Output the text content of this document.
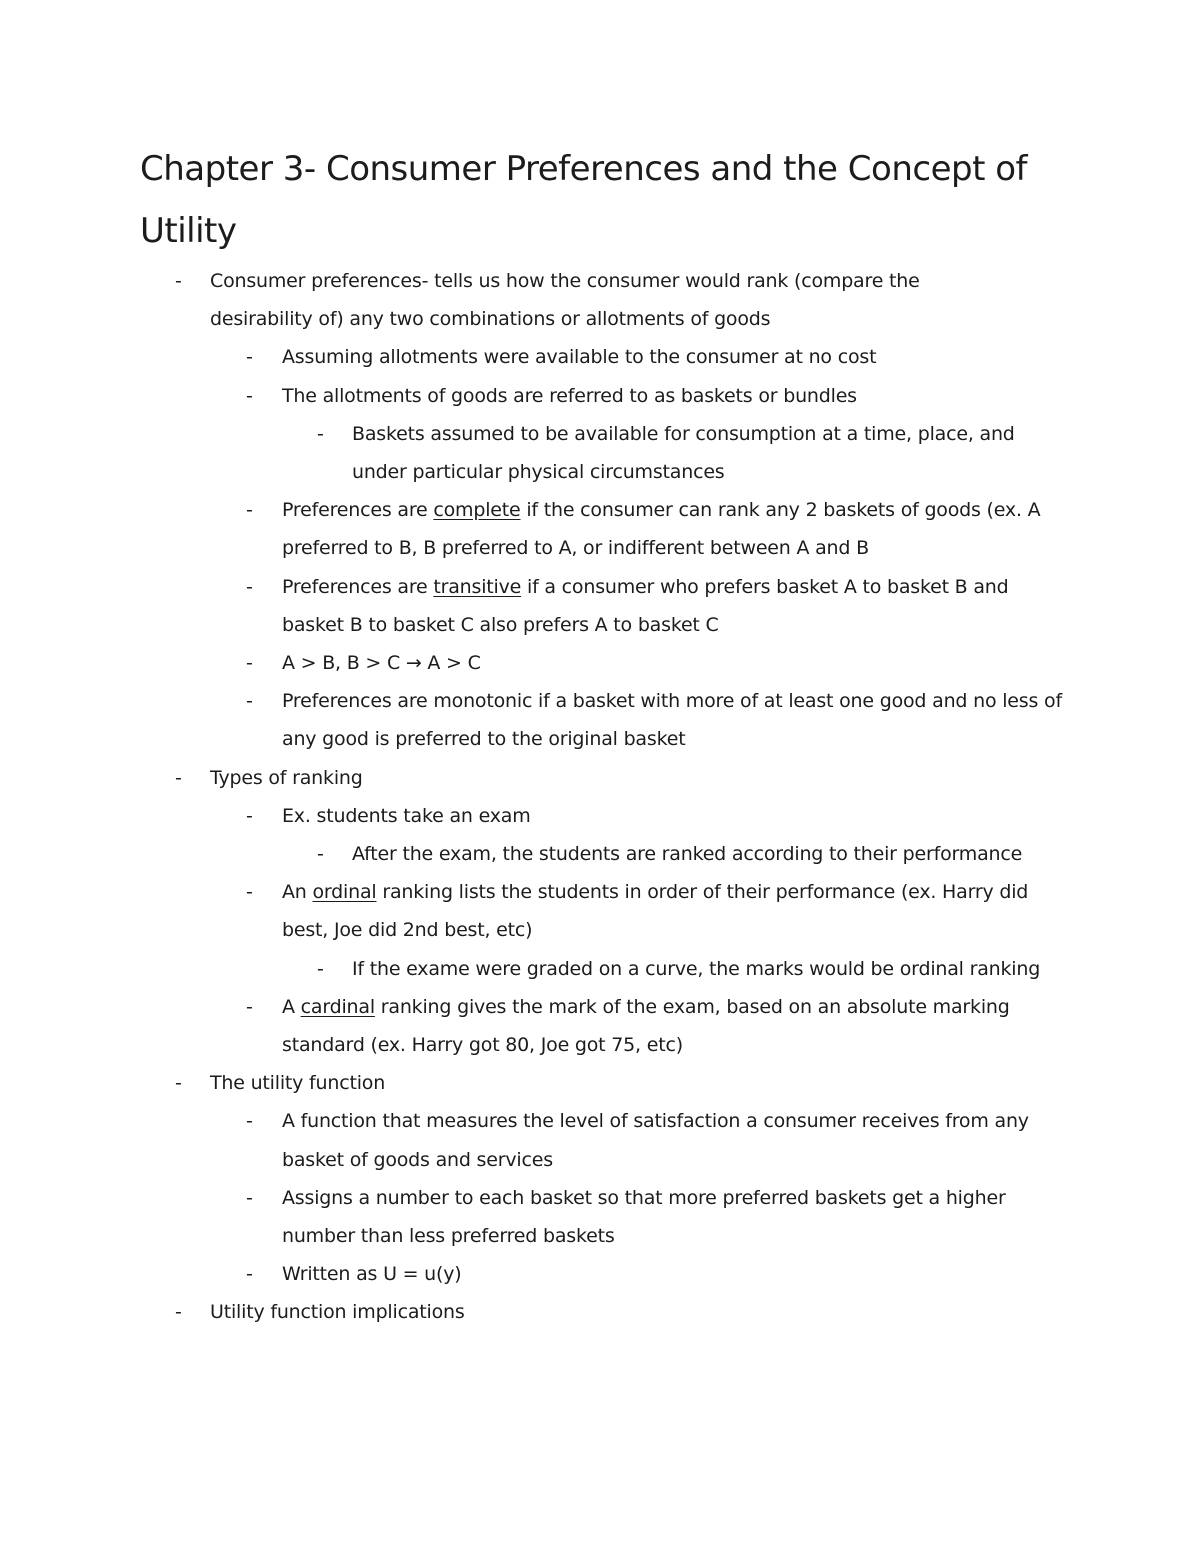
Chapter 3- Consumer Preferences and the Concept of Utility
- Consumer preferences- tells us how the consumer would rank (compare the desirability of) any two combinations or allotments of goods
- Assuming allotments were available to the consumer at no cost
- The allotments of goods are referred to as baskets or bundles
- Baskets assumed to be available for consumption at a time, place, and under particular physical circumstances
- Preferences are complete if the consumer can rank any 2 baskets of goods (ex. A preferred to B, B preferred to A, or indifferent between A and B
- Preferences are transitive if a consumer who prefers basket A to basket B and basket B to basket C also prefers A to basket C
- A > B, B > C → A > C
- Preferences are monotonic if a basket with more of at least one good and no less of any good is preferred to the original basket
- Types of ranking
- Ex. students take an exam
- After the exam, the students are ranked according to their performance
- An ordinal ranking lists the students in order of their performance (ex. Harry did best, Joe did 2nd best, etc)
- If the exame were graded on a curve, the marks would be ordinal ranking
- A cardinal ranking gives the mark of the exam, based on an absolute marking standard (ex. Harry got 80, Joe got 75, etc)
- The utility function
- A function that measures the level of satisfaction a consumer receives from any basket of goods and services
- Assigns a number to each basket so that more preferred baskets get a higher number than less preferred baskets
- Written as U = u(y)
- Utility function implications
